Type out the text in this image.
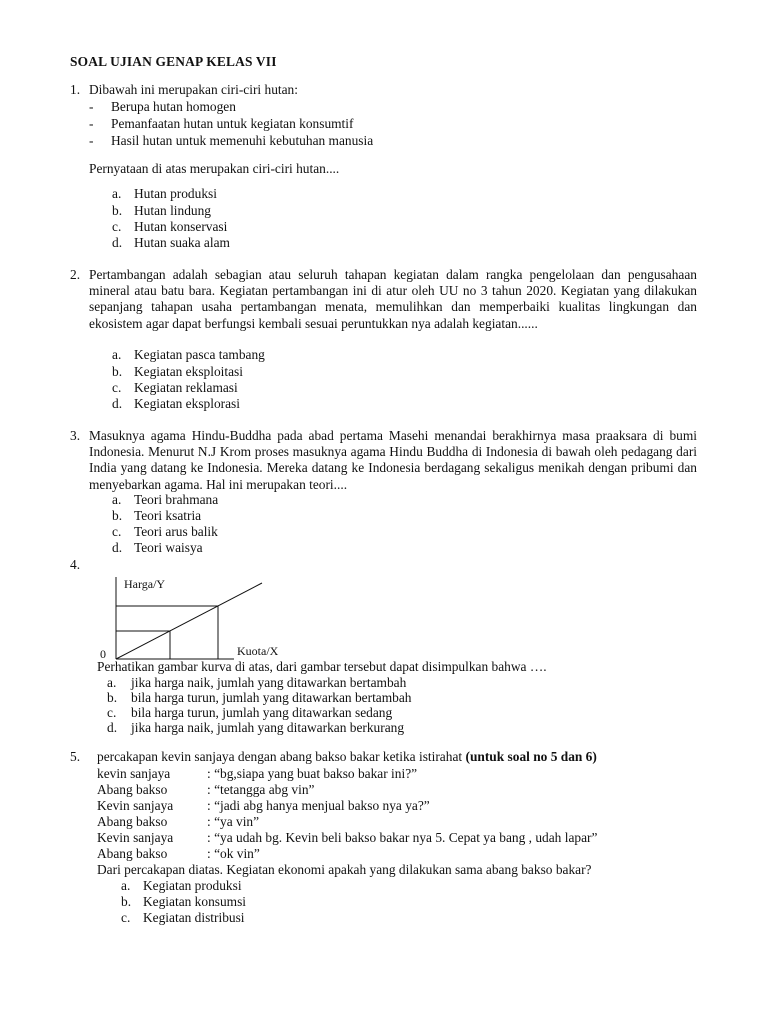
SOAL UJIAN GENAP KELAS VII
1. Dibawah ini merupakan ciri-ciri hutan:
- Berupa hutan homogen
- Pemanfaatan hutan untuk kegiatan konsumtif
- Hasil hutan untuk memenuhi kebutuhan manusia
Pernyataan di atas merupakan ciri-ciri hutan....
a. Hutan produksi
b. Hutan lindung
c. Hutan konservasi
d. Hutan suaka alam
2. Pertambangan adalah sebagian atau seluruh tahapan kegiatan dalam rangka pengelolaan dan pengusahaan mineral atau batu bara. Kegiatan pertambangan ini di atur oleh UU no 3 tahun 2020. Kegiatan yang dilakukan sepanjang tahapan usaha pertambangan menata, memulihkan dan memperbaiki kualitas lingkungan dan ekosistem agar dapat berfungsi kembali sesuai peruntukkan nya adalah kegiatan......
a. Kegiatan pasca tambang
b. Kegiatan eksploitasi
c. Kegiatan reklamasi
d. Kegiatan eksplorasi
3. Masuknya agama Hindu-Buddha pada abad pertama Masehi menandai berakhirnya masa praaksara di bumi Indonesia. Menurut N.J Krom proses masuknya agama Hindu Buddha di Indonesia di bawah oleh pedagang dari India yang datang ke Indonesia. Mereka datang ke Indonesia berdagang sekaligus menikah dengan pribumi dan menyebarkan agama. Hal ini merupakan teori....
a. Teori brahmana
b. Teori ksatria
c. Teori arus balik
d. Teori waisya
4.
Harga/Y
Kuota/X
0
Perhatikan gambar kurva di atas, dari gambar tersebut dapat disimpulkan bahwa ….
a. jika harga naik, jumlah yang ditawarkan bertambah
b. bila harga turun, jumlah yang ditawarkan bertambah
c. bila harga turun, jumlah yang ditawarkan sedang
d. jika harga naik, jumlah yang ditawarkan berkurang
5. percakapan kevin sanjaya dengan abang bakso bakar ketika istirahat (untuk soal no 5 dan 6)
kevin sanjaya	: “bg,siapa yang buat bakso bakar ini?”
Abang bakso	: “tetangga abg vin”
Kevin sanjaya	: “jadi abg hanya menjual bakso nya ya?”
Abang bakso	: “ya vin”
Kevin sanjaya	: “ya udah bg. Kevin beli bakso bakar nya 5. Cepat ya bang , udah lapar”
Abang bakso	: “ok vin”
Dari percakapan diatas. Kegiatan ekonomi apakah yang dilakukan sama abang bakso bakar?
a. Kegiatan produksi
b. Kegiatan konsumsi
c. Kegiatan distribusi
